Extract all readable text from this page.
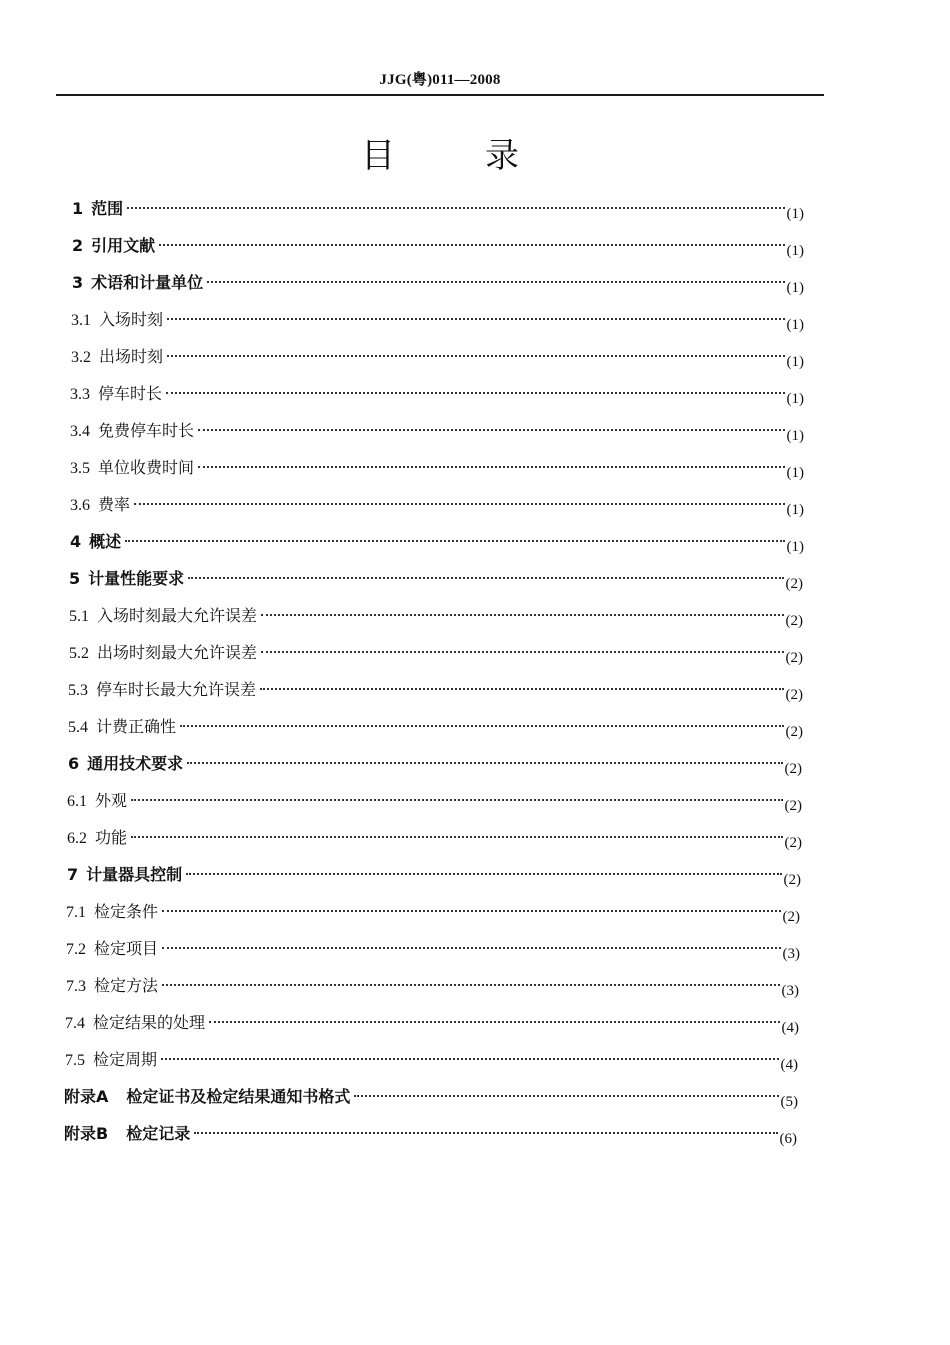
JJG(粤)011—2008
目录
1 范围	(1)
2 引用文献	(1)
3 术语和计量单位	(1)
3.1 入场时刻	(1)
3.2 出场时刻	(1)
3.3 停车时长	(1)
3.4 免费停车时长	(1)
3.5 单位收费时间	(1)
3.6 费率	(1)
4 概述	(1)
5 计量性能要求	(2)
5.1 入场时刻最大允许误差	(2)
5.2 出场时刻最大允许误差	(2)
5.3 停车时长最大允许误差	(2)
5.4 计费正确性	(2)
6 通用技术要求	(2)
6.1 外观	(2)
6.2 功能	(2)
7 计量器具控制	(2)
7.1 检定条件	(2)
7.2 检定项目	(3)
7.3 检定方法	(3)
7.4 检定结果的处理	(4)
7.5 检定周期	(4)
附录A 检定证书及检定结果通知书格式	(5)
附录B 检定记录	(6)
